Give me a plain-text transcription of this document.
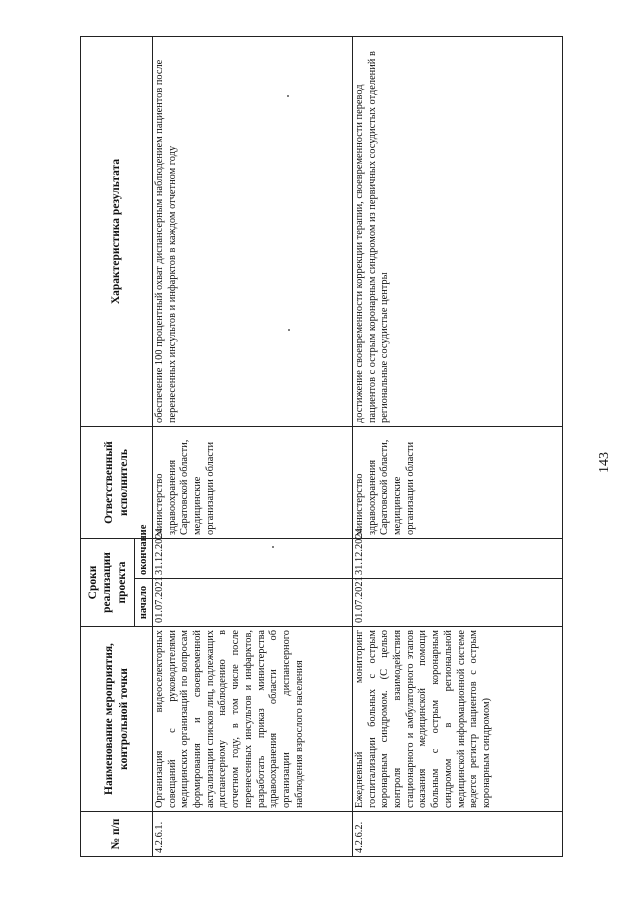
№ п/п	Наименование мероприятия, контрольной точки	Сроки реализации проекта		Ответственный исполнитель	Характеристика результата
		начало	окончание		
4.2.6.1.	Организация видеоселекторных совещаний с руководителями медицинских организаций по вопросам формирования и своевременной актуализации списков лиц, подлежащих диспансерному наблюдению в отчетном году, в том числе после перенесенных инсультов и инфарктов, разработать приказ министерства здравоохранения области об организации диспансерного наблюдения взрослого населения	01.07.2021	31.12.2024	министерство здравоохранения Саратовской области, медицинские организации области	обеспечение 100 процентный охват диспансерным наблюдением пациентов после перенесенных инсультов и инфарктов в каждом отчетном году
4.2.6.2.	Ежедневный мониторинг госпитализации больных с острым коронарным синдромом. (С целью контроля взаимодействия стационарного и амбулаторного этапов оказания медицинской помощи больным с острым коронарным синдромом в региональной медицинской информационной системе ведется регистр пациентов с острым коронарным синдромом)	01.07.2021	31.12.2024	министерство здравоохранения Саратовской области, медицинские организации области	достижение своевременности коррекции терапии, своевременности перевод пациентов с острым коронарным синдромом из первичных сосудистых отделений в региональные сосудистые центры
143
